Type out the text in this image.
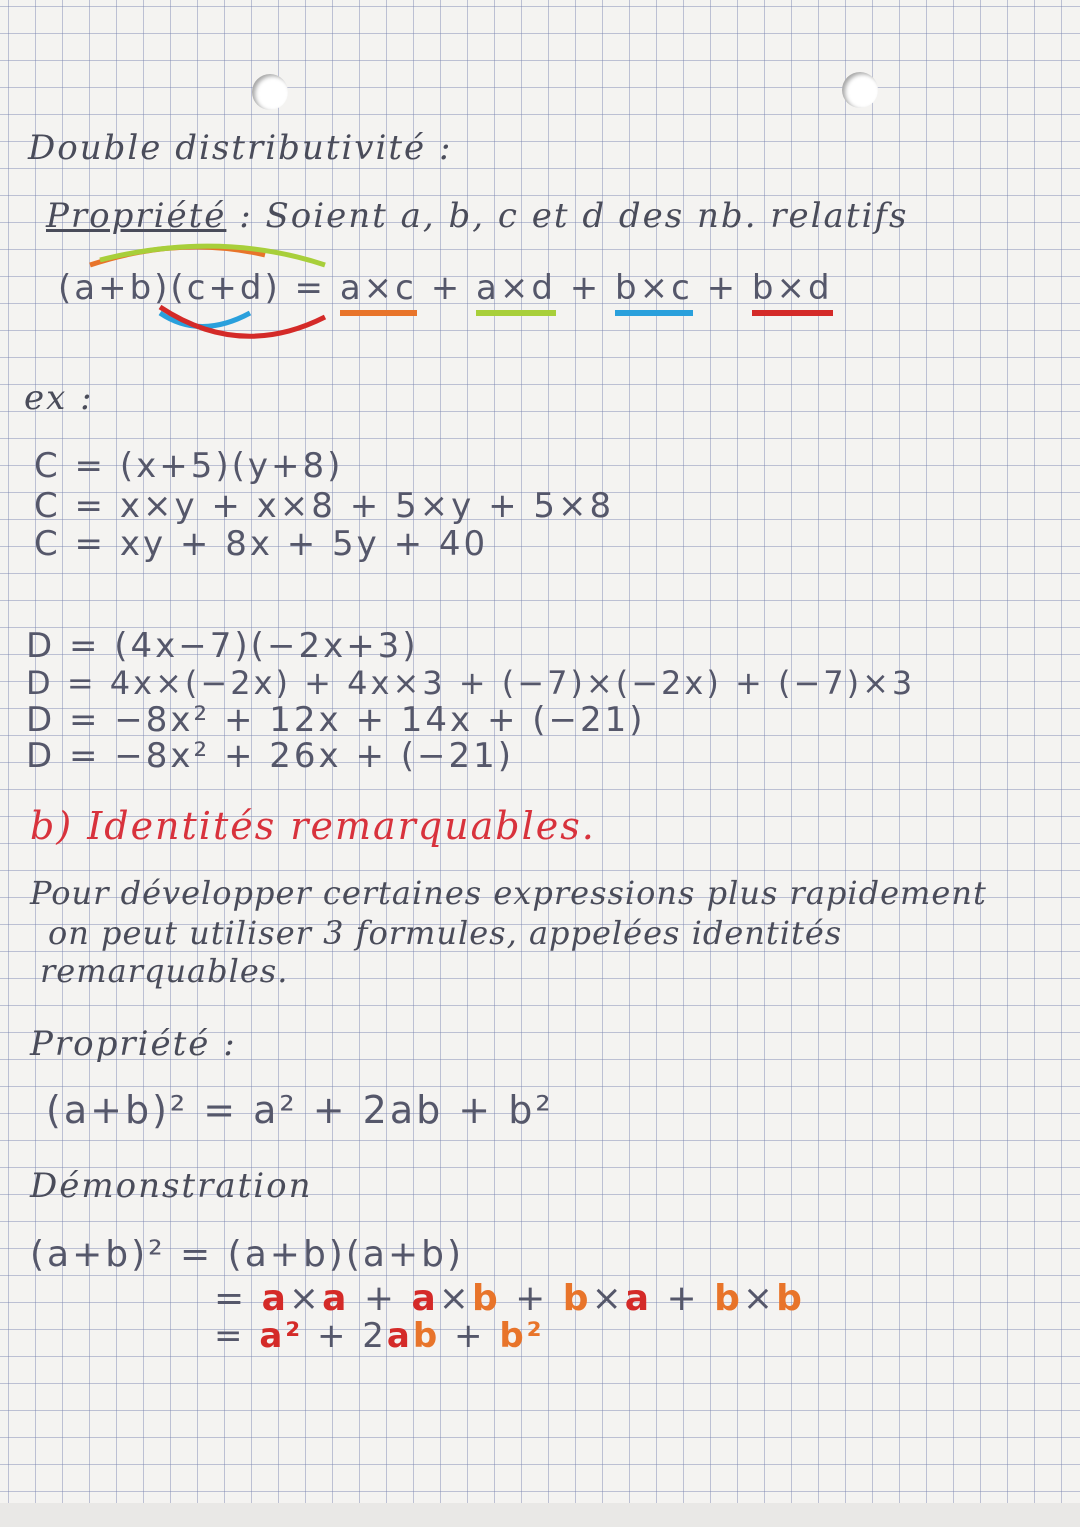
Double distributivité :
Propriété : Soient a, b, c et d des nb. relatifs
(a+b)(c+d) = a×c + a×d + b×c + b×d
ex :
C = (x+5)(y+8)
C = x×y + x×8 + 5×y + 5×8
C = xy + 8x + 5y + 40
D = (4x−7)(−2x+3)
D = 4x×(−2x) + 4x×3 + (−7)×(−2x) + (−7)×3
D = −8x² + 12x + 14x + (−21)
D = −8x² + 26x + (−21)
b) Identités remarquables.
Pour développer certaines expressions plus rapidement
on peut utiliser 3 formules, appelées identités
remarquables.
Propriété :
(a+b)² = a² + 2ab + b²
Démonstration
(a+b)² = (a+b)(a+b)
= a×a + a×b + b×a + b×b
= a² + 2ab + b²
